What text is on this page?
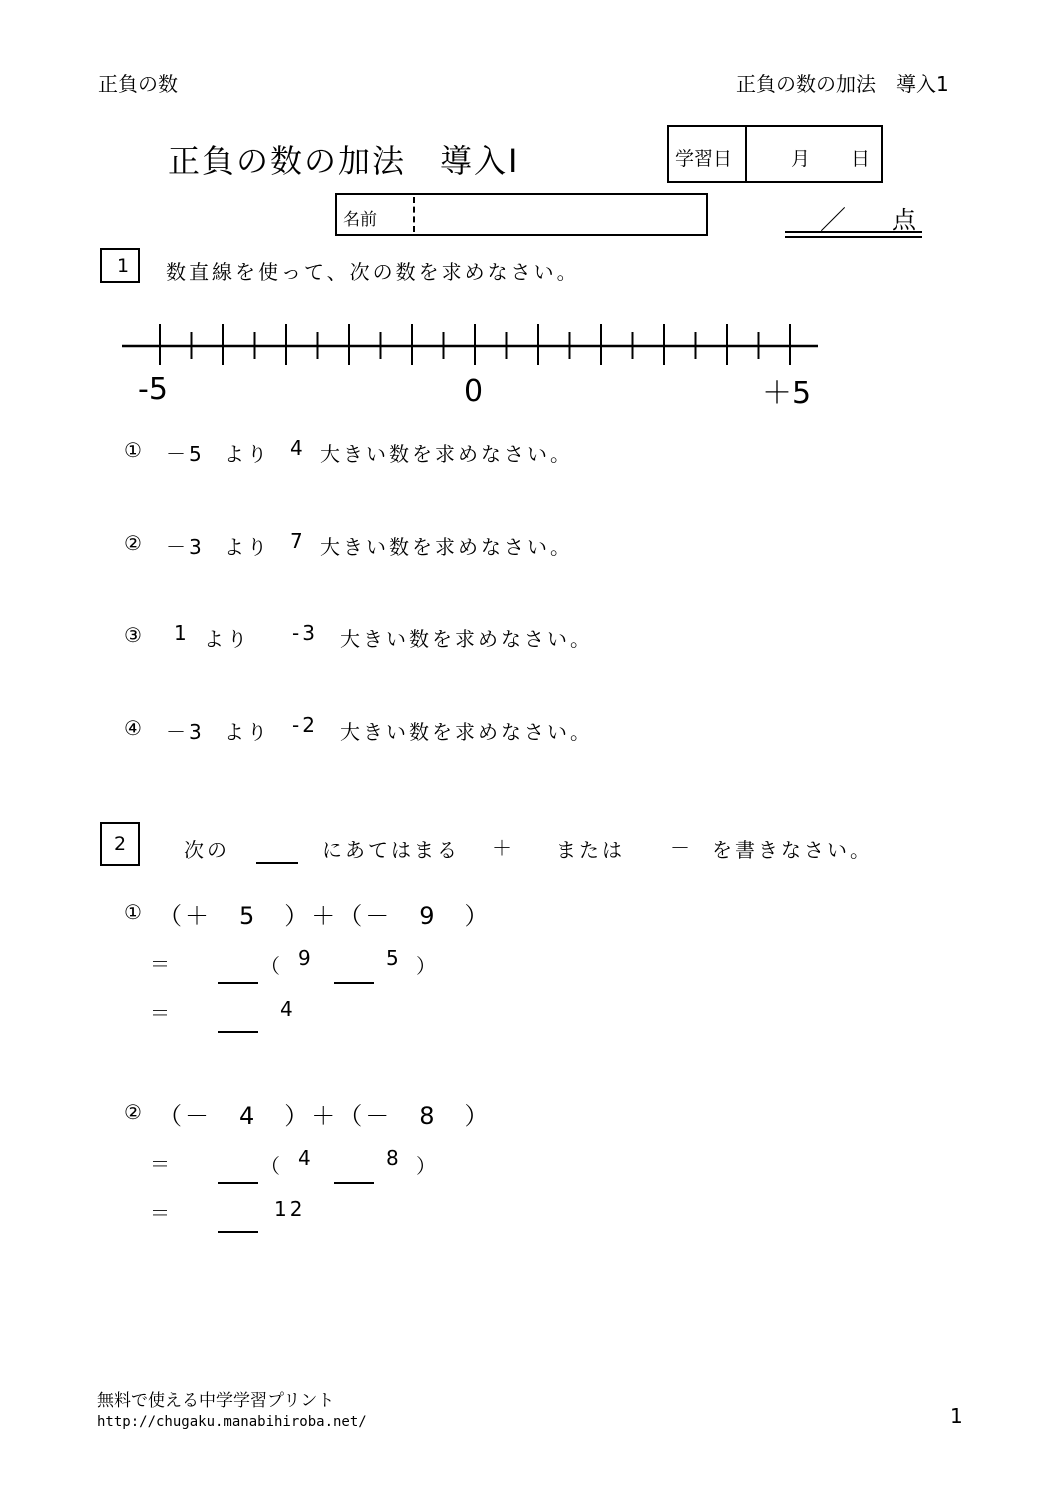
正負の数	正負の数の加法　導入1
正負の数の加法　導入Ⅰ	学習日	月 日
名前	／ 点
1 数直線を使って、次の数を求めなさい。
-5	0	＋5
① －5 より 4 大きい数を求めなさい。
② －3 より 7 大きい数を求めなさい。
③ 1 より -3 大きい数を求めなさい。
④ －3 より -2 大きい数を求めなさい。
2	次の	にあてはまる ＋ または － を書きなさい。
① （＋　5　）＋（－　9　）
＝	（ 9	5 ）
＝	4
② （－　4　）＋（－　8　）
＝	（ 4	8 ）
＝	12
無料で使える中学学習プリント
http://chugaku.manabihiroba.net/	1
